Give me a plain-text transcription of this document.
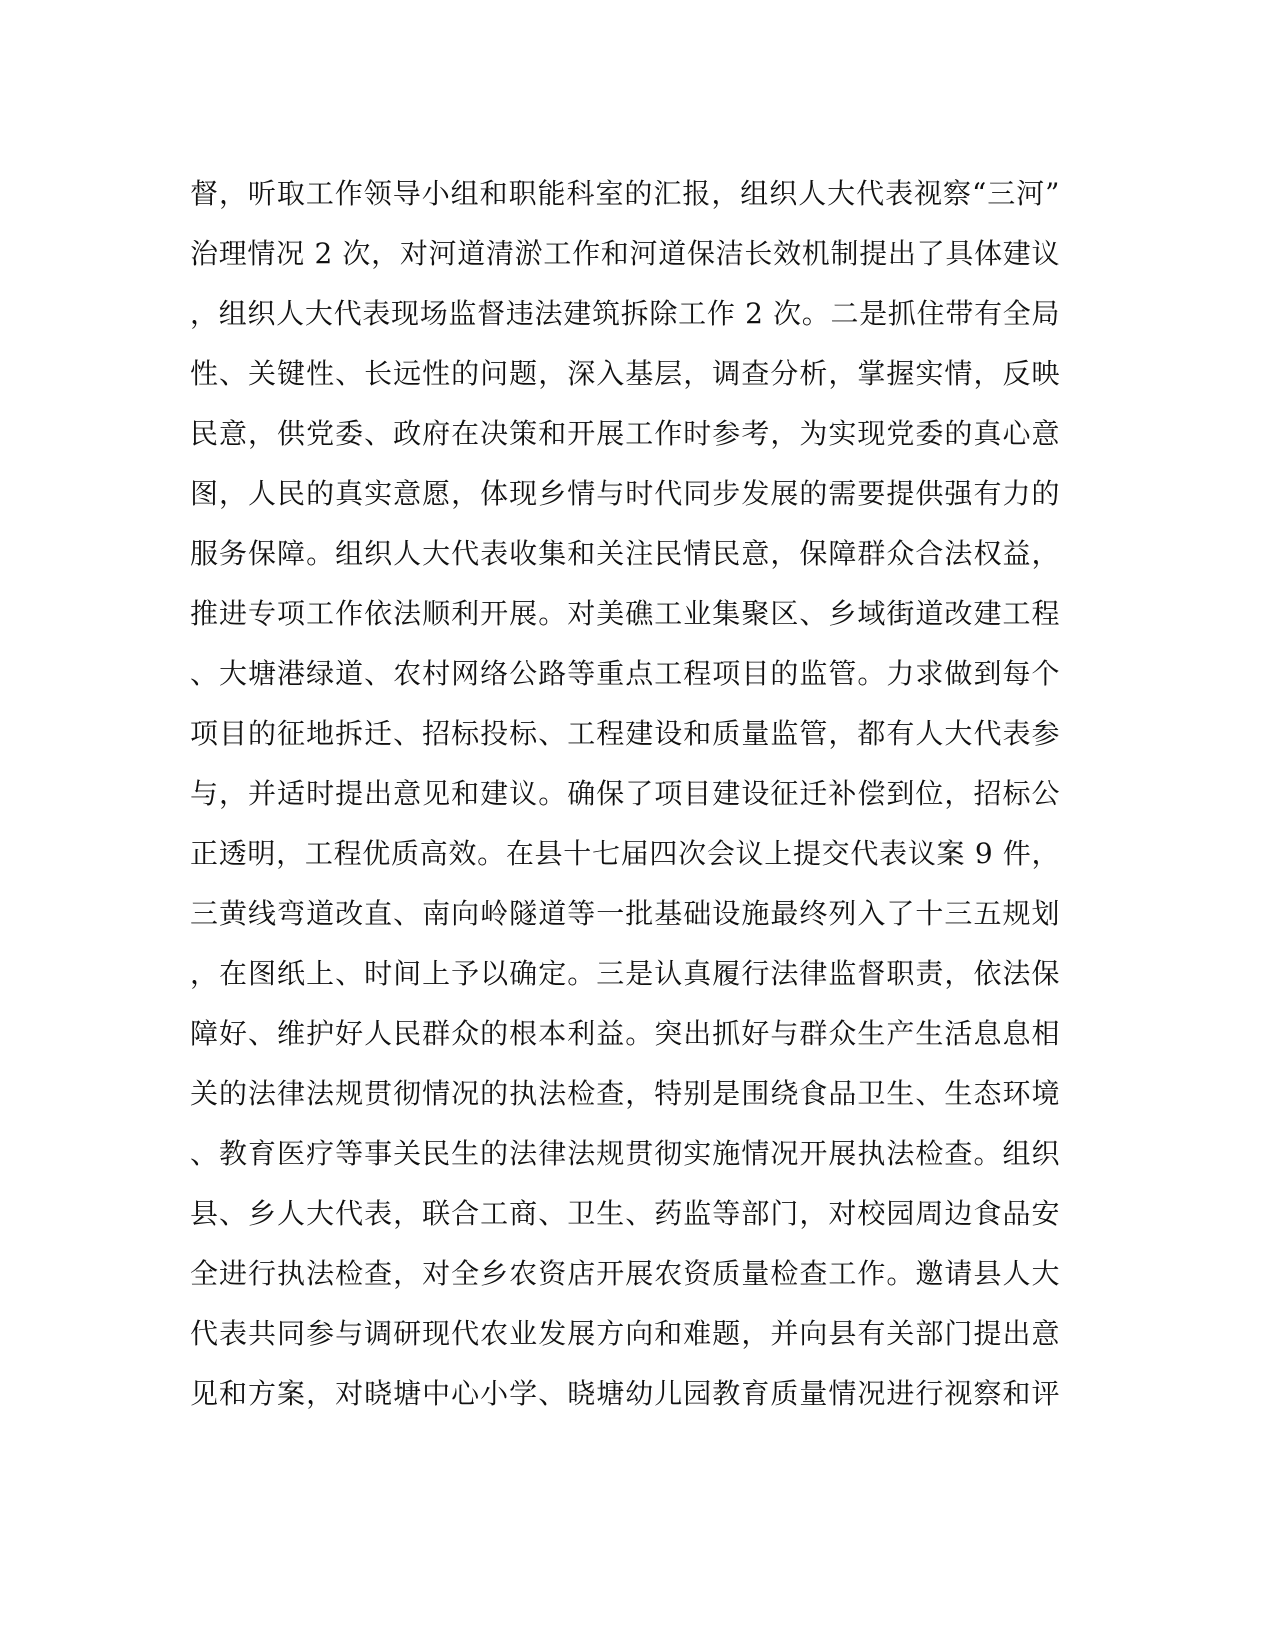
督，听取工作领导小组和职能科室的汇报，组织人大代表视察“三河”
治理情况 2 次，对河道清淤工作和河道保洁长效机制提出了具体建议
，组织人大代表现场监督违法建筑拆除工作 2 次。二是抓住带有全局
性、关键性、长远性的问题，深入基层，调查分析，掌握实情，反映
民意，供党委、政府在决策和开展工作时参考，为实现党委的真心意
图，人民的真实意愿，体现乡情与时代同步发展的需要提供强有力的
服务保障。组织人大代表收集和关注民情民意，保障群众合法权益，
推进专项工作依法顺利开展。对美礁工业集聚区、乡域街道改建工程
、大塘港绿道、农村网络公路等重点工程项目的监管。力求做到每个
项目的征地拆迁、招标投标、工程建设和质量监管，都有人大代表参
与，并适时提出意见和建议。确保了项目建设征迁补偿到位，招标公
正透明，工程优质高效。在县十七届四次会议上提交代表议案 9 件，
三黄线弯道改直、南向岭隧道等一批基础设施最终列入了十三五规划
，在图纸上、时间上予以确定。三是认真履行法律监督职责，依法保
障好、维护好人民群众的根本利益。突出抓好与群众生产生活息息相
关的法律法规贯彻情况的执法检查，特别是围绕食品卫生、生态环境
、教育医疗等事关民生的法律法规贯彻实施情况开展执法检查。组织
县、乡人大代表，联合工商、卫生、药监等部门，对校园周边食品安
全进行执法检查，对全乡农资店开展农资质量检查工作。邀请县人大
代表共同参与调研现代农业发展方向和难题，并向县有关部门提出意
见和方案，对晓塘中心小学、晓塘幼儿园教育质量情况进行视察和评
